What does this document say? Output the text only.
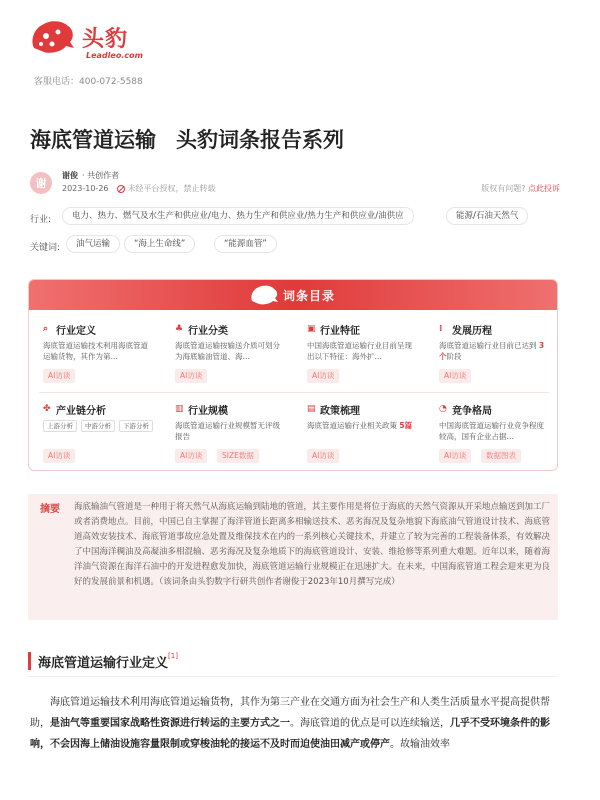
头豹
Leadleo.com
客服电话：400-072-5588
海底管道运输 头豹词条报告系列
谢
谢俊 · 共创作者
2023-10-26 未经平台授权，禁止转载	版权有问题? 点此投诉
行业:	电力、热力、燃气及水生产和供应业/电力、热力生产和供应业/热力生产和供应业/油供应	能源/石油天然气
关键词:	油气运输	“海上生命线”	“能源血管”
词条目录
⌕ 行业定义

海底管道运输技术利用海底管道运输货物，其作为第…

AI访谈
♣ 行业分类

海底管道运输按输送介质可划分为海底输油管道、海…

AI访谈
▣ 行业特征

中国海底管道运输行业目前呈现出以下特征：海外扩…

AI访谈
⁞ 发展历程

海底管道运输行业目前已达到 3个阶段

AI访谈
✤ 产业链分析
上游分析	中游分析	下游分析
AI访谈
▥ 行业规模

海底管道运输行业规模暂无评级报告

AI访谈	SIZE数据
▤ 政策梳理

海底管道运输行业相关政策 5篇

AI访谈
◔ 竞争格局

中国海底管道运输行业竞争程度较高，国有企业占据…

AI访谈	数据图表
摘要 海底输油气管道是一种用于将天然气从海底运输到陆地的管道，其主要作用是将位于海底的天然气资源从开采地点输送到加工厂或者消费地点。目前，中国已自主掌握了海洋管道长距离多相输送技术、恶劣海况及复杂地貌下海底油气管道设计技术、海底管道高效安装技术、海底管道事故应急处置及维保技术在内的一系列核心关键技术，并建立了较为完善的工程装备体系，有效解决了中国海洋稠油及高凝油多相混输、恶劣海况及复杂地质下的海底管道设计、安装、维抢修等系列重大难题。近年以来，随着海洋油气资源在海洋石油中的开发进程愈发加快，海底管道运输行业规模正在迅速扩大。在未来，中国海底管道工程会迎来更为良好的发展前景和机遇。（该词条由头豹数字行研共创作者谢俊于2023年10月撰写完成）
海底管道运输行业定义[1]
海底管道运输技术利用海底管道运输货物，其作为第三产业在交通方面为社会生产和人类生活质量水平提高提供帮助，是油气等重要国家战略性资源进行转运的主要方式之一。海底管道的优点是可以连续输送，几乎不受环境条件的影响，不会因海上储油设施容量限制或穿梭油轮的接运不及时而迫使油田减产或停产。故输油效率
